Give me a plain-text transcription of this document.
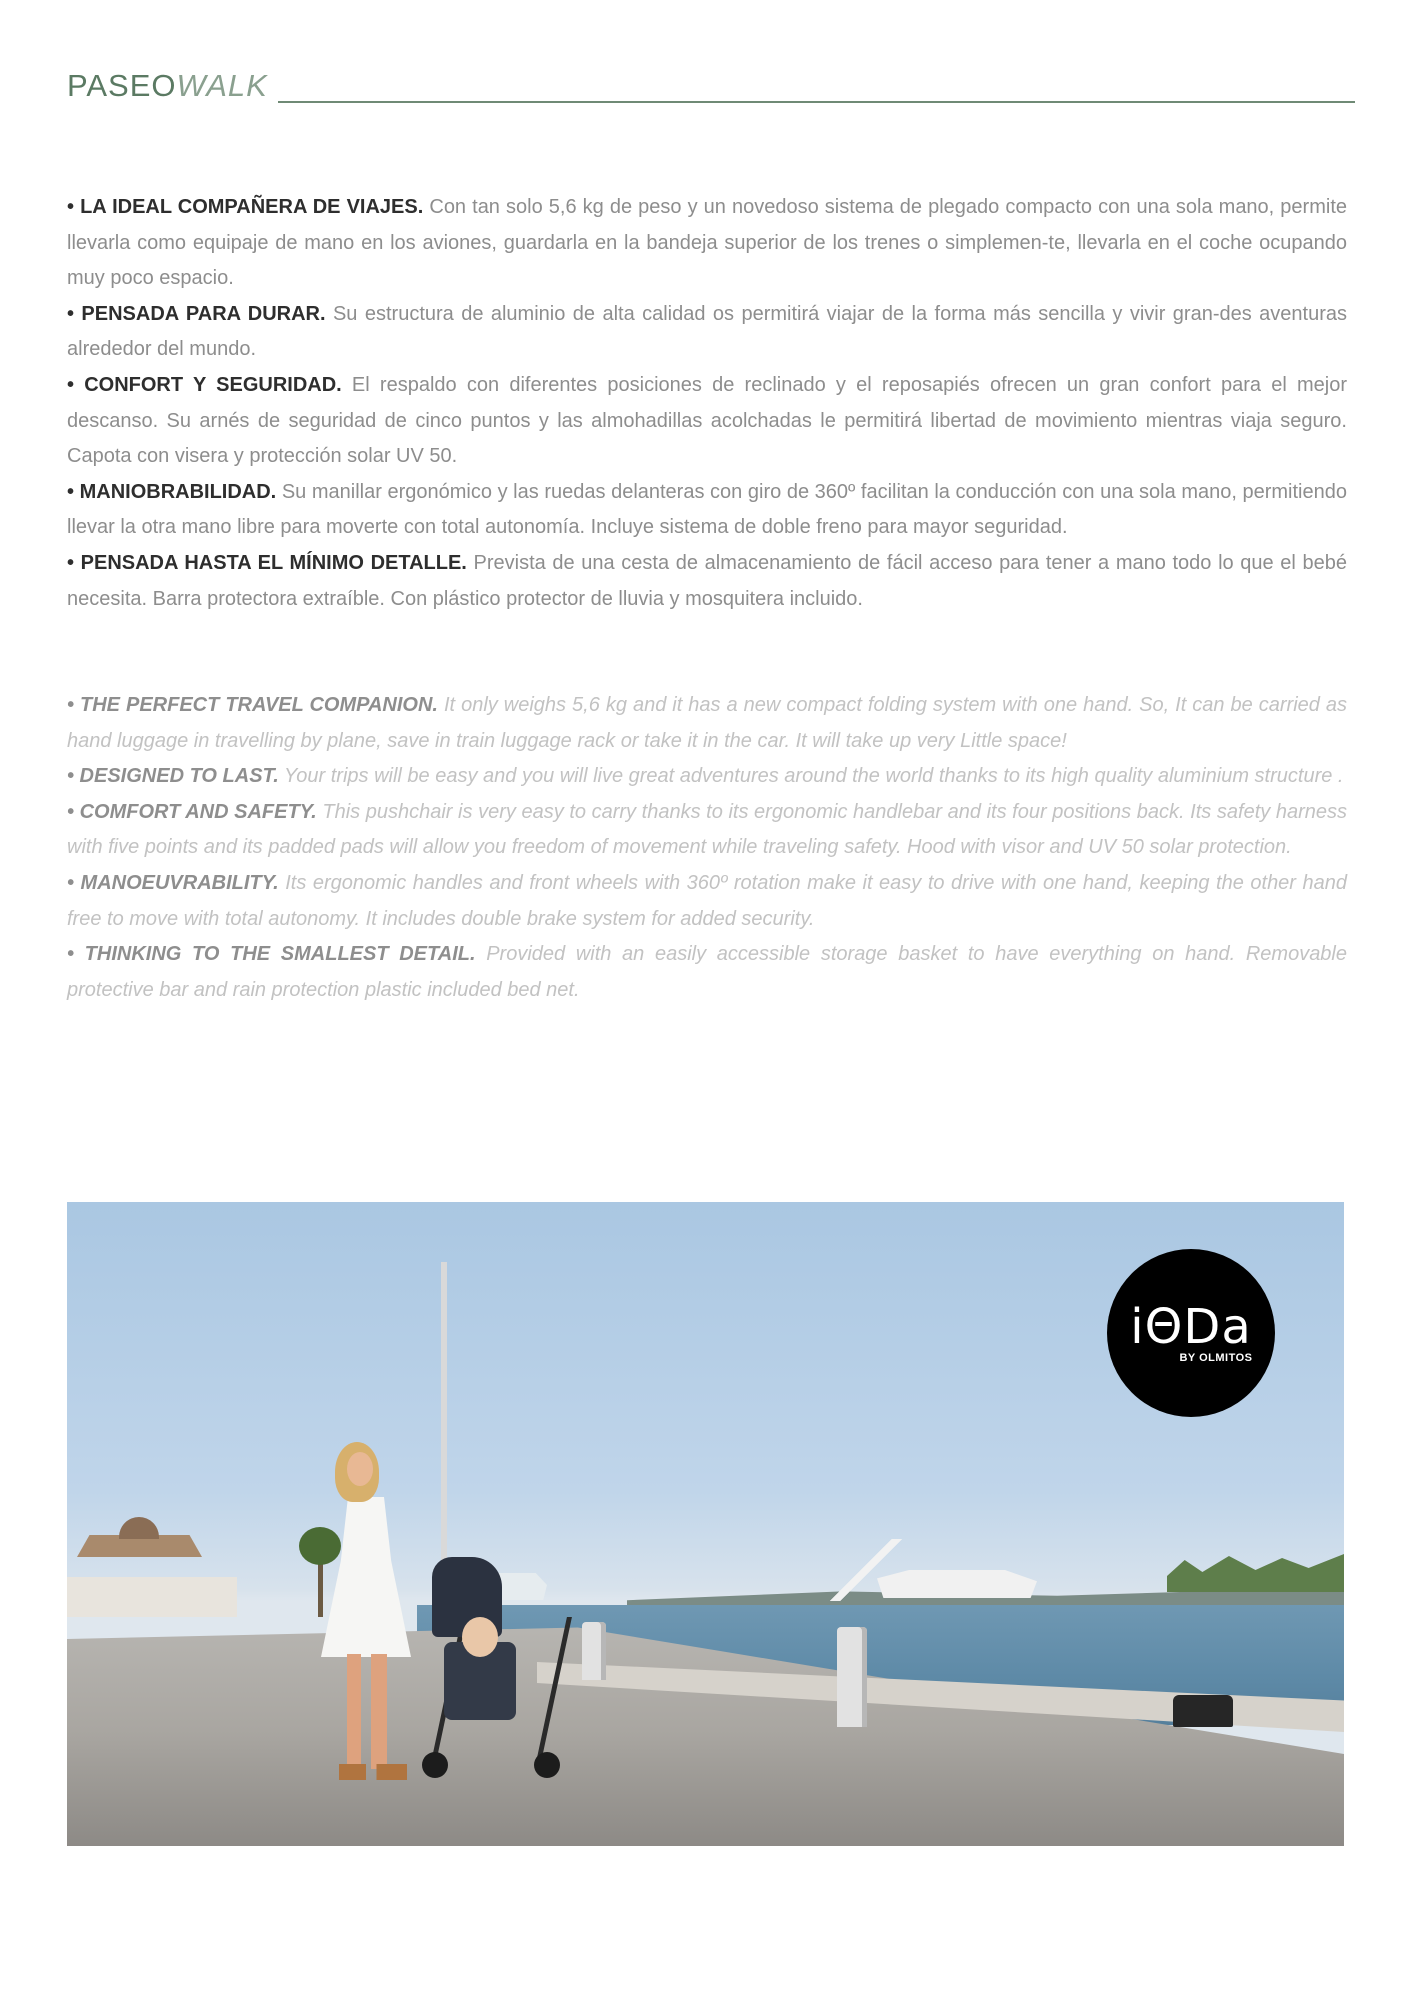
PASEOWALK

• LA IDEAL COMPAÑERA DE VIAJES. Con tan solo 5,6 kg de peso y un novedoso sistema de plegado compacto con una sola mano, permite llevarla como equipaje de mano en los aviones, guardarla en la bandeja superior de los trenes o simplemen-te, llevarla en el coche ocupando muy poco espacio.

• PENSADA PARA DURAR. Su estructura de aluminio de alta calidad os permitirá viajar de la forma más sencilla y vivir gran-des aventuras alrededor del mundo.

• CONFORT Y SEGURIDAD. El respaldo con diferentes posiciones de reclinado y el reposapiés ofrecen un gran confort para el mejor descanso. Su arnés de seguridad de cinco puntos y las almohadillas acolchadas le permitirá libertad de movimiento mientras viaja seguro. Capota con visera y protección solar UV 50.

• MANIOBRABILIDAD. Su manillar ergonómico y las ruedas delanteras con giro de 360º facilitan la conducción con una sola mano, permitiendo llevar la otra mano libre para moverte con total autonomía. Incluye sistema de doble freno para mayor seguridad.

• PENSADA HASTA EL MÍNIMO DETALLE. Prevista de una cesta de almacenamiento de fácil acceso para tener a mano todo lo que el bebé necesita. Barra protectora extraíble. Con plástico protector de lluvia y mosquitera incluido.

• THE PERFECT TRAVEL COMPANION. It only weighs 5,6 kg and it has a new compact folding system with one hand. So, It can be carried as hand luggage in travelling by plane, save in train luggage rack or take it in the car. It will take up very Little space!

• DESIGNED TO LAST. Your trips will be easy and you will live great adventures around the world thanks to its high quality aluminium structure .

• COMFORT AND SAFETY. This pushchair is very easy to carry thanks to its ergonomic handlebar and its four positions back. Its safety harness with five points and its padded pads will allow you freedom of movement while traveling safety. Hood with visor and UV 50 solar protection.

• MANOEUVRABILITY. Its ergonomic handles and front wheels with 360º rotation make it easy to drive with one hand, keeping the other hand free to move with total autonomy. It includes double brake system for added security.

• THINKING TO THE SMALLEST DETAIL. Provided with an easily accessible storage basket to have everything on hand. Removable protective bar and rain protection plastic included bed net.

iΘDa
BY OLMITOS
